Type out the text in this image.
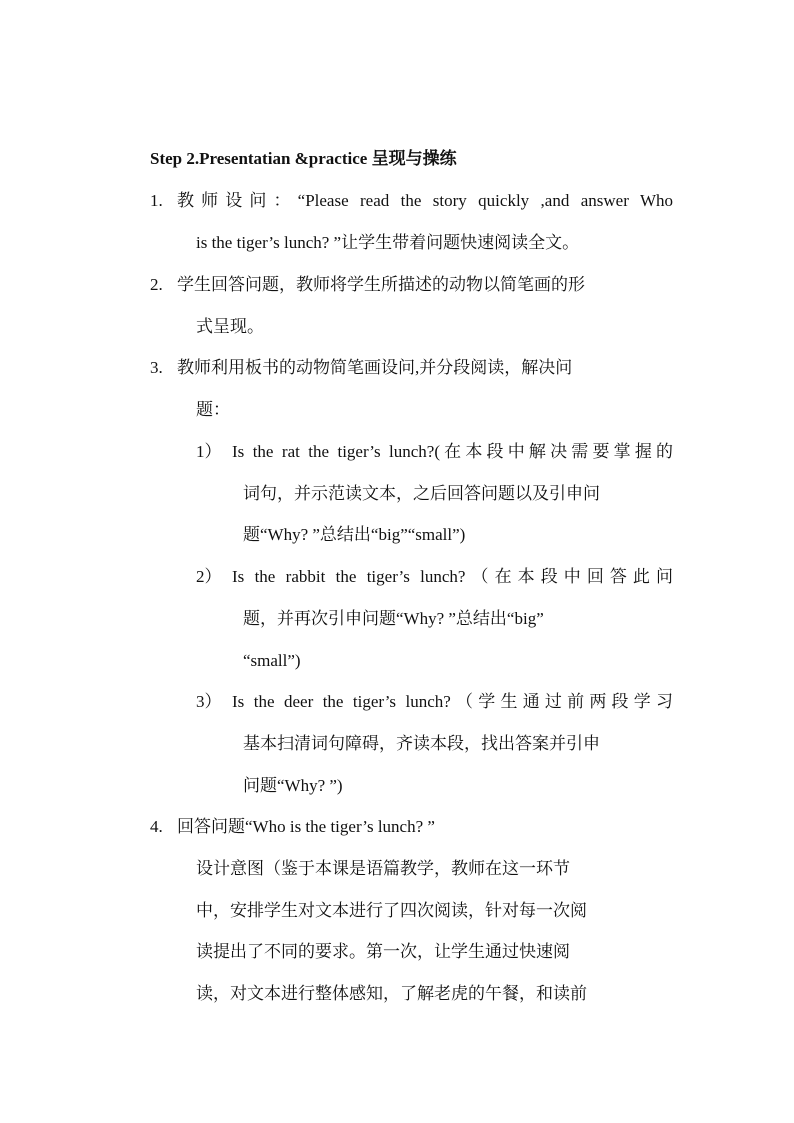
Step 2.Presentatian &practice 呈现与操练
1. 教师设问：“Please read the story quickly ,and answer Who
is the tiger’s lunch? ”让学生带着问题快速阅读全文。
2. 学生回答问题，教师将学生所描述的动物以简笔画的形
式呈现。
3. 教师利用板书的动物简笔画设问,并分段阅读，解决问
题：
1） Is the rat the tiger’s lunch?(在本段中解决需要掌握的
词句，并示范读文本，之后回答问题以及引申问
题“Why? ”总结出“big”“small”)
2） Is the rabbit the tiger’s lunch?（在本段中回答此问
题，并再次引申问题“Why? ”总结出“big”
“small”)
3） Is the deer the tiger’s lunch?（学生通过前两段学习
基本扫清词句障碍，齐读本段，找出答案并引申
问题“Why? ”)
4. 回答问题“Who is the tiger’s lunch? ”
设计意图（鉴于本课是语篇教学，教师在这一环节
中，安排学生对文本进行了四次阅读，针对每一次阅
读提出了不同的要求。第一次，让学生通过快速阅
读，对文本进行整体感知，了解老虎的午餐，和读前
